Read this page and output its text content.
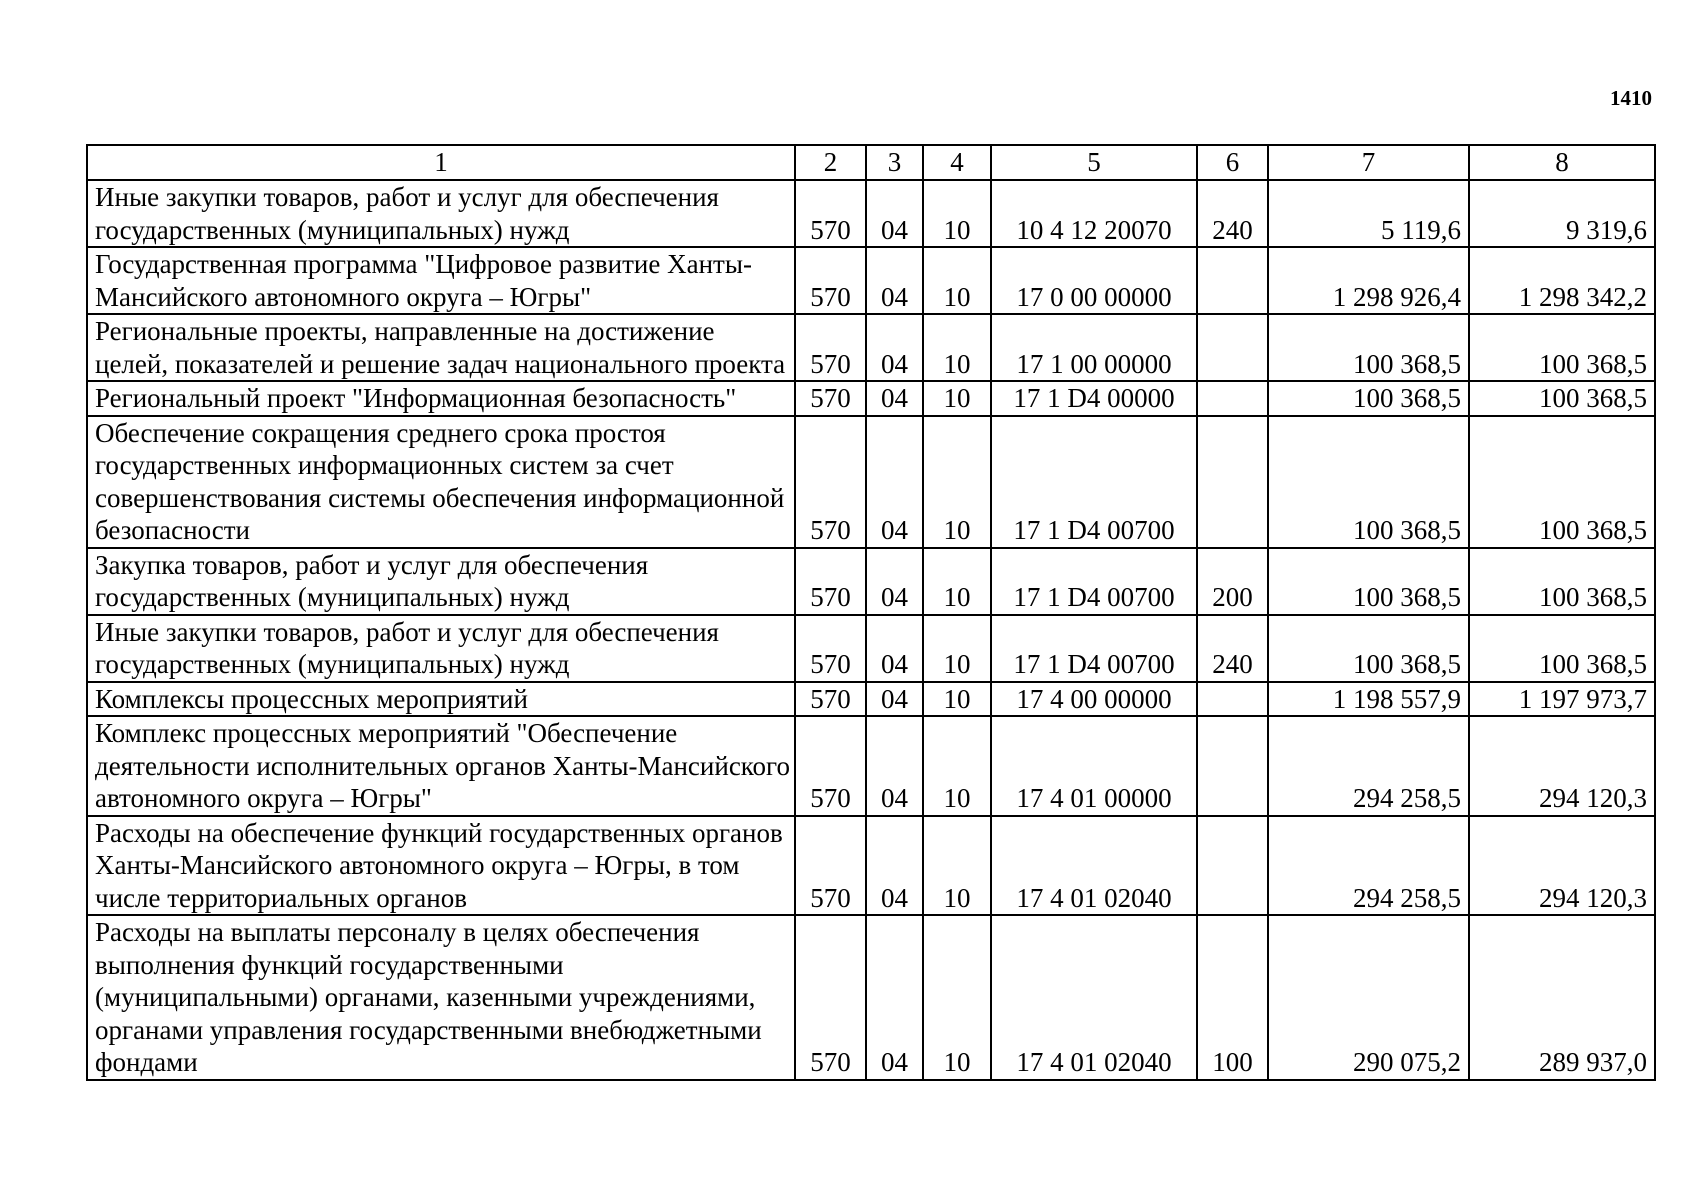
1410
1	2	3	4	5	6	7	8
Иные закупки товаров, работ и услуг для обеспечения государственных (муниципальных) нужд	570	04	10	10 4 12 20070	240	5 119,6	9 319,6
Государственная программа "Цифровое развитие Ханты-Мансийского автономного округа – Югры"	570	04	10	17 0 00 00000		1 298 926,4	1 298 342,2
Региональные проекты, направленные на достижение целей, показателей и решение задач национального проекта	570	04	10	17 1 00 00000		100 368,5	100 368,5
Региональный проект "Информационная безопасность"	570	04	10	17 1 D4 00000		100 368,5	100 368,5
Обеспечение сокращения среднего срока простоя государственных информационных систем за счет совершенствования системы обеспечения информационной безопасности	570	04	10	17 1 D4 00700		100 368,5	100 368,5
Закупка товаров, работ и услуг для обеспечения государственных (муниципальных) нужд	570	04	10	17 1 D4 00700	200	100 368,5	100 368,5
Иные закупки товаров, работ и услуг для обеспечения государственных (муниципальных) нужд	570	04	10	17 1 D4 00700	240	100 368,5	100 368,5
Комплексы процессных мероприятий	570	04	10	17 4 00 00000		1 198 557,9	1 197 973,7
Комплекс процессных мероприятий "Обеспечение деятельности исполнительных органов Ханты-Мансийского автономного округа – Югры"	570	04	10	17 4 01 00000		294 258,5	294 120,3
Расходы на обеспечение функций государственных органов Ханты-Мансийского автономного округа – Югры, в том числе территориальных органов	570	04	10	17 4 01 02040		294 258,5	294 120,3
Расходы на выплаты персоналу в целях обеспечения выполнения функций государственными (муниципальными) органами, казенными учреждениями, органами управления государственными внебюджетными фондами	570	04	10	17 4 01 02040	100	290 075,2	289 937,0
